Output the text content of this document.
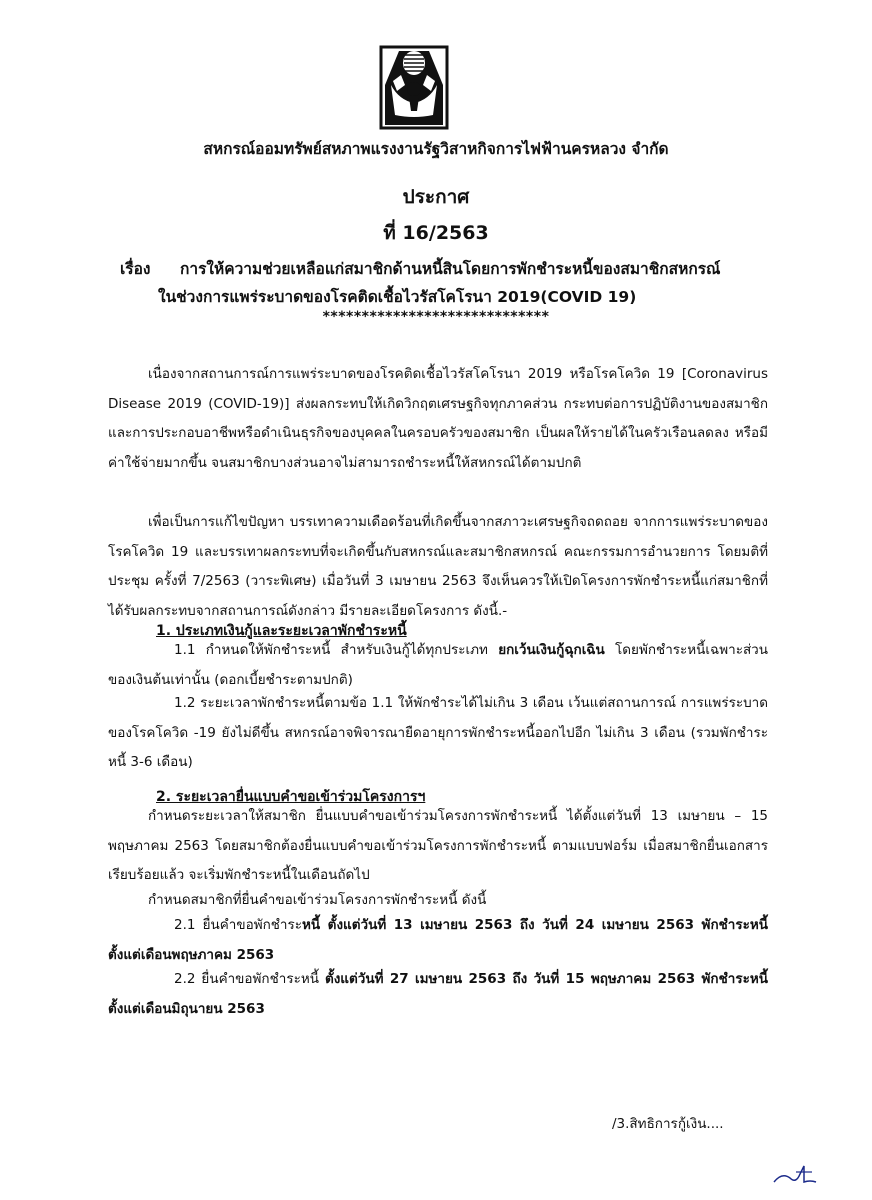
สหกรณ์ออมทรัพย์สหภาพแรงงานรัฐวิสาหกิจการไฟฟ้านครหลวง จำกัด
ประกาศ
ที่ 16/2563
เรื่อง การให้ความช่วยเหลือแก่สมาชิกด้านหนี้สินโดยการพักชำระหนี้ของสมาชิกสหกรณ์
ในช่วงการแพร่ระบาดของโรคติดเชื้อไวรัสโคโรนา 2019(COVID 19)
*****************************
เนื่องจากสถานการณ์การแพร่ระบาดของโรคติดเชื้อไวรัสโคโรนา 2019 หรือโรคโควิด 19 [Coronavirus Disease 2019 (COVID-19)] ส่งผลกระทบให้เกิดวิกฤตเศรษฐกิจทุกภาคส่วน กระทบต่อการปฏิบัติงานของสมาชิก และการประกอบอาชีพหรือดำเนินธุรกิจของบุคคลในครอบครัวของสมาชิก เป็นผลให้รายได้ในครัวเรือนลดลง หรือมีค่าใช้จ่ายมากขึ้น จนสมาชิกบางส่วนอาจไม่สามารถชำระหนี้ให้สหกรณ์ได้ตามปกติ
เพื่อเป็นการแก้ไขปัญหา บรรเทาความเดือดร้อนที่เกิดขึ้นจากสภาวะเศรษฐกิจถดถอย จากการแพร่ระบาดของโรคโควิด 19 และบรรเทาผลกระทบที่จะเกิดขึ้นกับสหกรณ์และสมาชิกสหกรณ์ คณะกรรมการอำนวยการ โดยมติที่ประชุม ครั้งที่ 7/2563 (วาระพิเศษ) เมื่อวันที่ 3 เมษายน 2563 จึงเห็นควรให้เปิดโครงการพักชำระหนี้แก่สมาชิกที่ได้รับผลกระทบจากสถานการณ์ดังกล่าว มีรายละเอียดโครงการ ดังนี้.-
1. ประเภทเงินกู้และระยะเวลาพักชำระหนี้
1.1 กำหนดให้พักชำระหนี้ สำหรับเงินกู้ได้ทุกประเภท ยกเว้นเงินกู้ฉุกเฉิน โดยพักชำระหนี้เฉพาะส่วน ของเงินต้นเท่านั้น (ดอกเบี้ยชำระตามปกติ)
1.2 ระยะเวลาพักชำระหนี้ตามข้อ 1.1 ให้พักชำระได้ไม่เกิน 3 เดือน เว้นแต่สถานการณ์ การแพร่ระบาดของโรคโควิด -19 ยังไม่ดีขึ้น สหกรณ์อาจพิจารณายืดอายุการพักชำระหนี้ออกไปอีก ไม่เกิน 3 เดือน (รวมพักชำระหนี้ 3-6 เดือน)
2. ระยะเวลายื่นแบบคำขอเข้าร่วมโครงการฯ
กำหนดระยะเวลาให้สมาชิก ยื่นแบบคำขอเข้าร่วมโครงการพักชำระหนี้ ได้ตั้งแต่วันที่ 13 เมษายน – 15 พฤษภาคม 2563 โดยสมาชิกต้องยื่นแบบคำขอเข้าร่วมโครงการพักชำระหนี้ ตามแบบฟอร์ม เมื่อสมาชิกยื่นเอกสารเรียบร้อยแล้ว จะเริ่มพักชำระหนี้ในเดือนถัดไป
กำหนดสมาชิกที่ยื่นคำขอเข้าร่วมโครงการพักชำระหนี้ ดังนี้
2.1 ยื่นคำขอพักชำระหนี้ ตั้งแต่วันที่ 13 เมษายน 2563 ถึง วันที่ 24 เมษายน 2563 พักชำระหนี้ตั้งแต่เดือนพฤษภาคม 2563
2.2 ยื่นคำขอพักชำระหนี้ ตั้งแต่วันที่ 27 เมษายน 2563 ถึง วันที่ 15 พฤษภาคม 2563 พักชำระหนี้ตั้งแต่เดือนมิถุนายน 2563
/3.สิทธิการกู้เงิน....
